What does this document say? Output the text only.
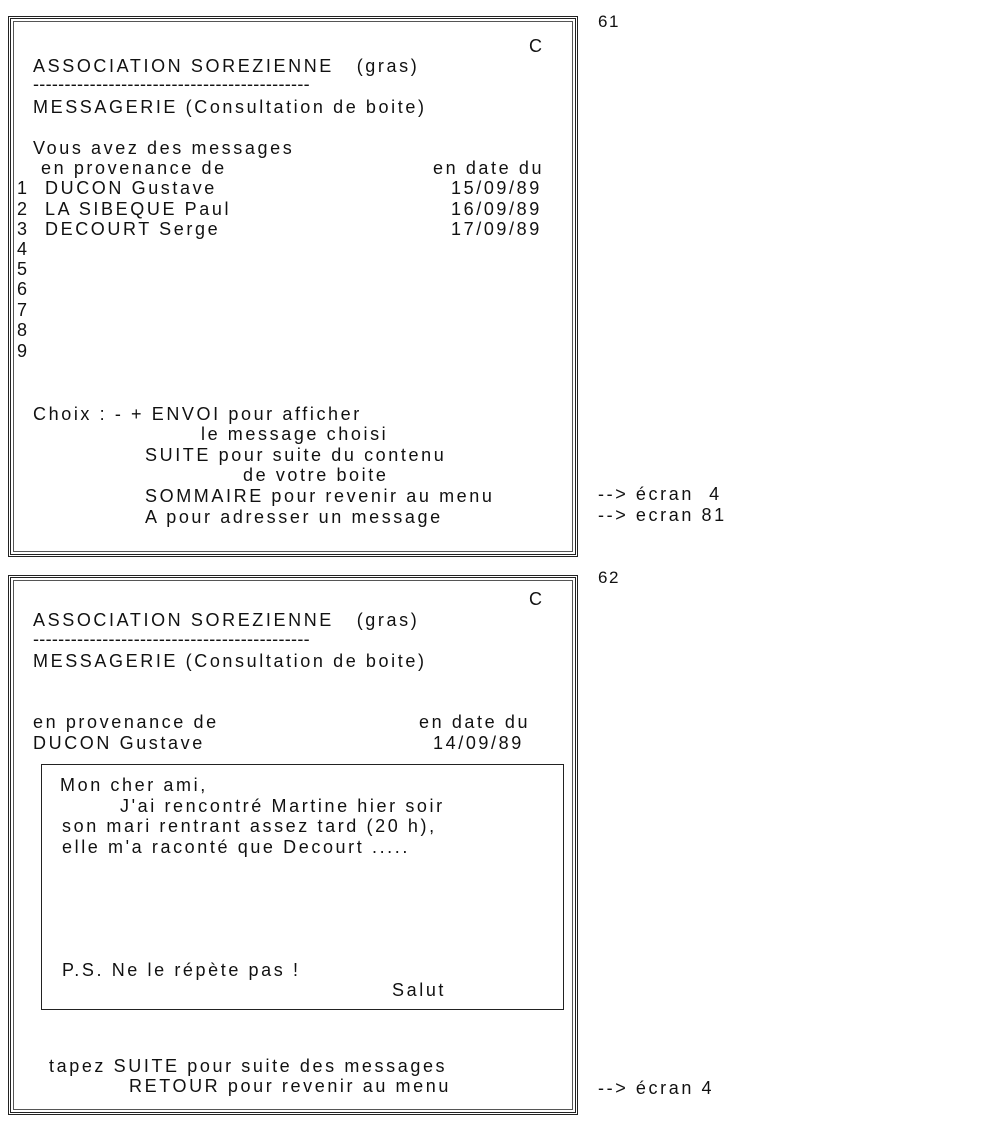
61
62
C
ASSOCIATION SOREZIENNE   (gras)
--------------------------------------------
MESSAGERIE (Consultation de boite)
Vous avez des messages
en provenance de	en date du
1 DUCON Gustave	15/09/89
2 LA SIBEQUE Paul	16/09/89
3 DECOURT Serge	17/09/89
4
5
6
7
8
9
Choix : - + ENVOI pour afficher
le message choisi
SUITE pour suite du contenu
de votre boite
SOMMAIRE pour revenir au menu
A pour adresser un message
--> écran  4
--> ecran 81
C
ASSOCIATION SOREZIENNE   (gras)
--------------------------------------------
MESSAGERIE (Consultation de boite)
en provenance de	en date du
DUCON Gustave	14/09/89
Mon cher ami,
J'ai rencontré Martine hier soir
son mari rentrant assez tard (20 h),
elle m'a raconté que Decourt .....
P.S. Ne le répète pas !
Salut
tapez SUITE pour suite des messages
RETOUR pour revenir au menu	--> écran 4
